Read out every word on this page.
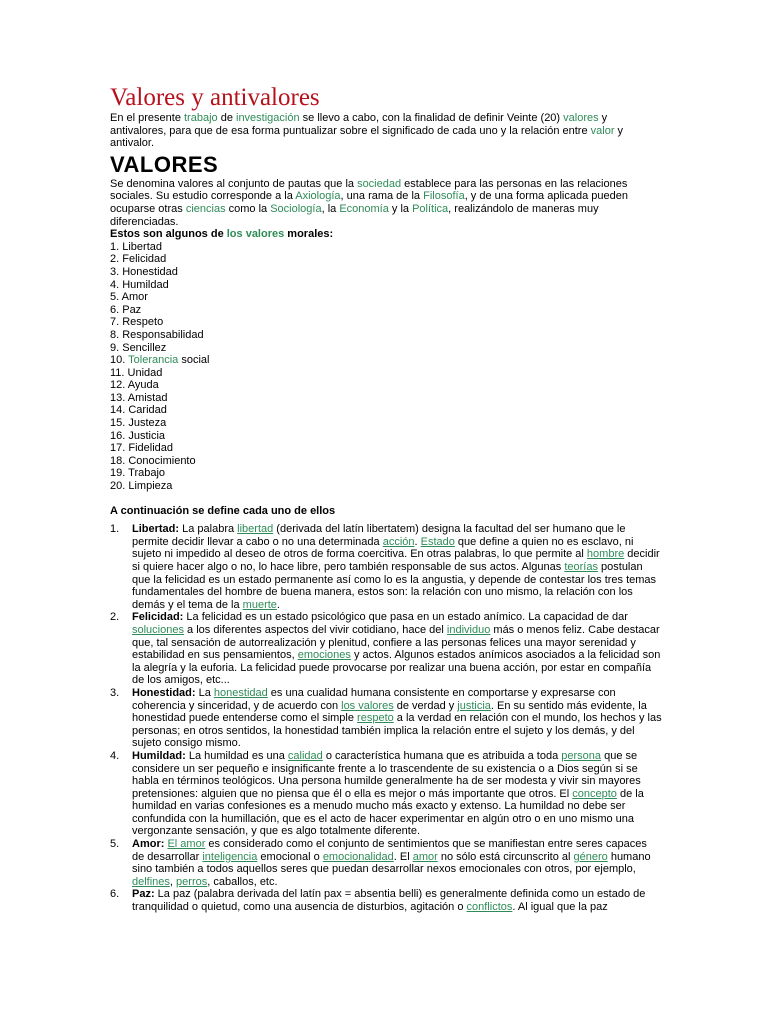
Valores y antivalores
En el presente trabajo de investigación se llevo a cabo, con la finalidad de definir Veinte (20) valores y antivalores, para que de esa forma puntualizar sobre el significado de cada uno y la relación entre valor y antivalor.
VALORES
Se denomina valores al conjunto de pautas que la sociedad establece para las personas en las relaciones sociales. Su estudio corresponde a la Axiología, una rama de la Filosofía, y de una forma aplicada pueden ocuparse otras ciencias como la Sociología, la Economía y la Política, realizándolo de maneras muy diferenciadas.
Estos son algunos de los valores morales:
1. Libertad
2. Felicidad
3. Honestidad
4. Humildad
5. Amor
6. Paz
7. Respeto
8. Responsabilidad
9. Sencillez
10. Tolerancia social
11. Unidad
12. Ayuda
13. Amistad
14. Caridad
15. Justeza
16. Justicia
17. Fidelidad
18. Conocimiento
19. Trabajo
20. Limpieza
A continuación se define cada uno de ellos
1. Libertad: La palabra libertad (derivada del latín libertatem) designa la facultad del ser humano que le permite decidir llevar a cabo o no una determinada acción. Estado que define a quien no es esclavo, ni sujeto ni impedido al deseo de otros de forma coercitiva. En otras palabras, lo que permite al hombre decidir si quiere hacer algo o no, lo hace libre, pero también responsable de sus actos. Algunas teorías postulan que la felicidad es un estado permanente así como lo es la angustia, y depende de contestar los tres temas fundamentales del hombre de buena manera, estos son: la relación con uno mismo, la relación con los demás y el tema de la muerte.
2. Felicidad: La felicidad es un estado psicológico que pasa en un estado anímico. La capacidad de dar soluciones a los diferentes aspectos del vivir cotidiano, hace del individuo más o menos feliz. Cabe destacar que, tal sensación de autorrealización y plenitud, confiere a las personas felices una mayor serenidad y estabilidad en sus pensamientos, emociones y actos. Algunos estados anímicos asociados a la felicidad son la alegría y la euforia. La felicidad puede provocarse por realizar una buena acción, por estar en compañía de los amigos, etc...
3. Honestidad: La honestidad es una cualidad humana consistente en comportarse y expresarse con coherencia y sinceridad, y de acuerdo con los valores de verdad y justicia. En su sentido más evidente, la honestidad puede entenderse como el simple respeto a la verdad en relación con el mundo, los hechos y las personas; en otros sentidos, la honestidad también implica la relación entre el sujeto y los demás, y del sujeto consigo mismo.
4. Humildad: La humildad es una calidad o característica humana que es atribuida a toda persona que se considere un ser pequeño e insignificante frente a lo trascendente de su existencia o a Dios según si se habla en términos teológicos. Una persona humilde generalmente ha de ser modesta y vivir sin mayores pretensiones: alguien que no piensa que él o ella es mejor o más importante que otros. El concepto de la humildad en varias confesiones es a menudo mucho más exacto y extenso. La humildad no debe ser confundida con la humillación, que es el acto de hacer experimentar en algún otro o en uno mismo una vergonzante sensación, y que es algo totalmente diferente.
5. Amor: El amor es considerado como el conjunto de sentimientos que se manifiestan entre seres capaces de desarrollar inteligencia emocional o emocionalidad. El amor no sólo está circunscrito al género humano sino también a todos aquellos seres que puedan desarrollar nexos emocionales con otros, por ejemplo, delfines, perros, caballos, etc.
6. Paz: La paz (palabra derivada del latín pax = absentia belli) es generalmente definida como un estado de tranquilidad o quietud, como una ausencia de disturbios, agitación o conflictos. Al igual que la paz
